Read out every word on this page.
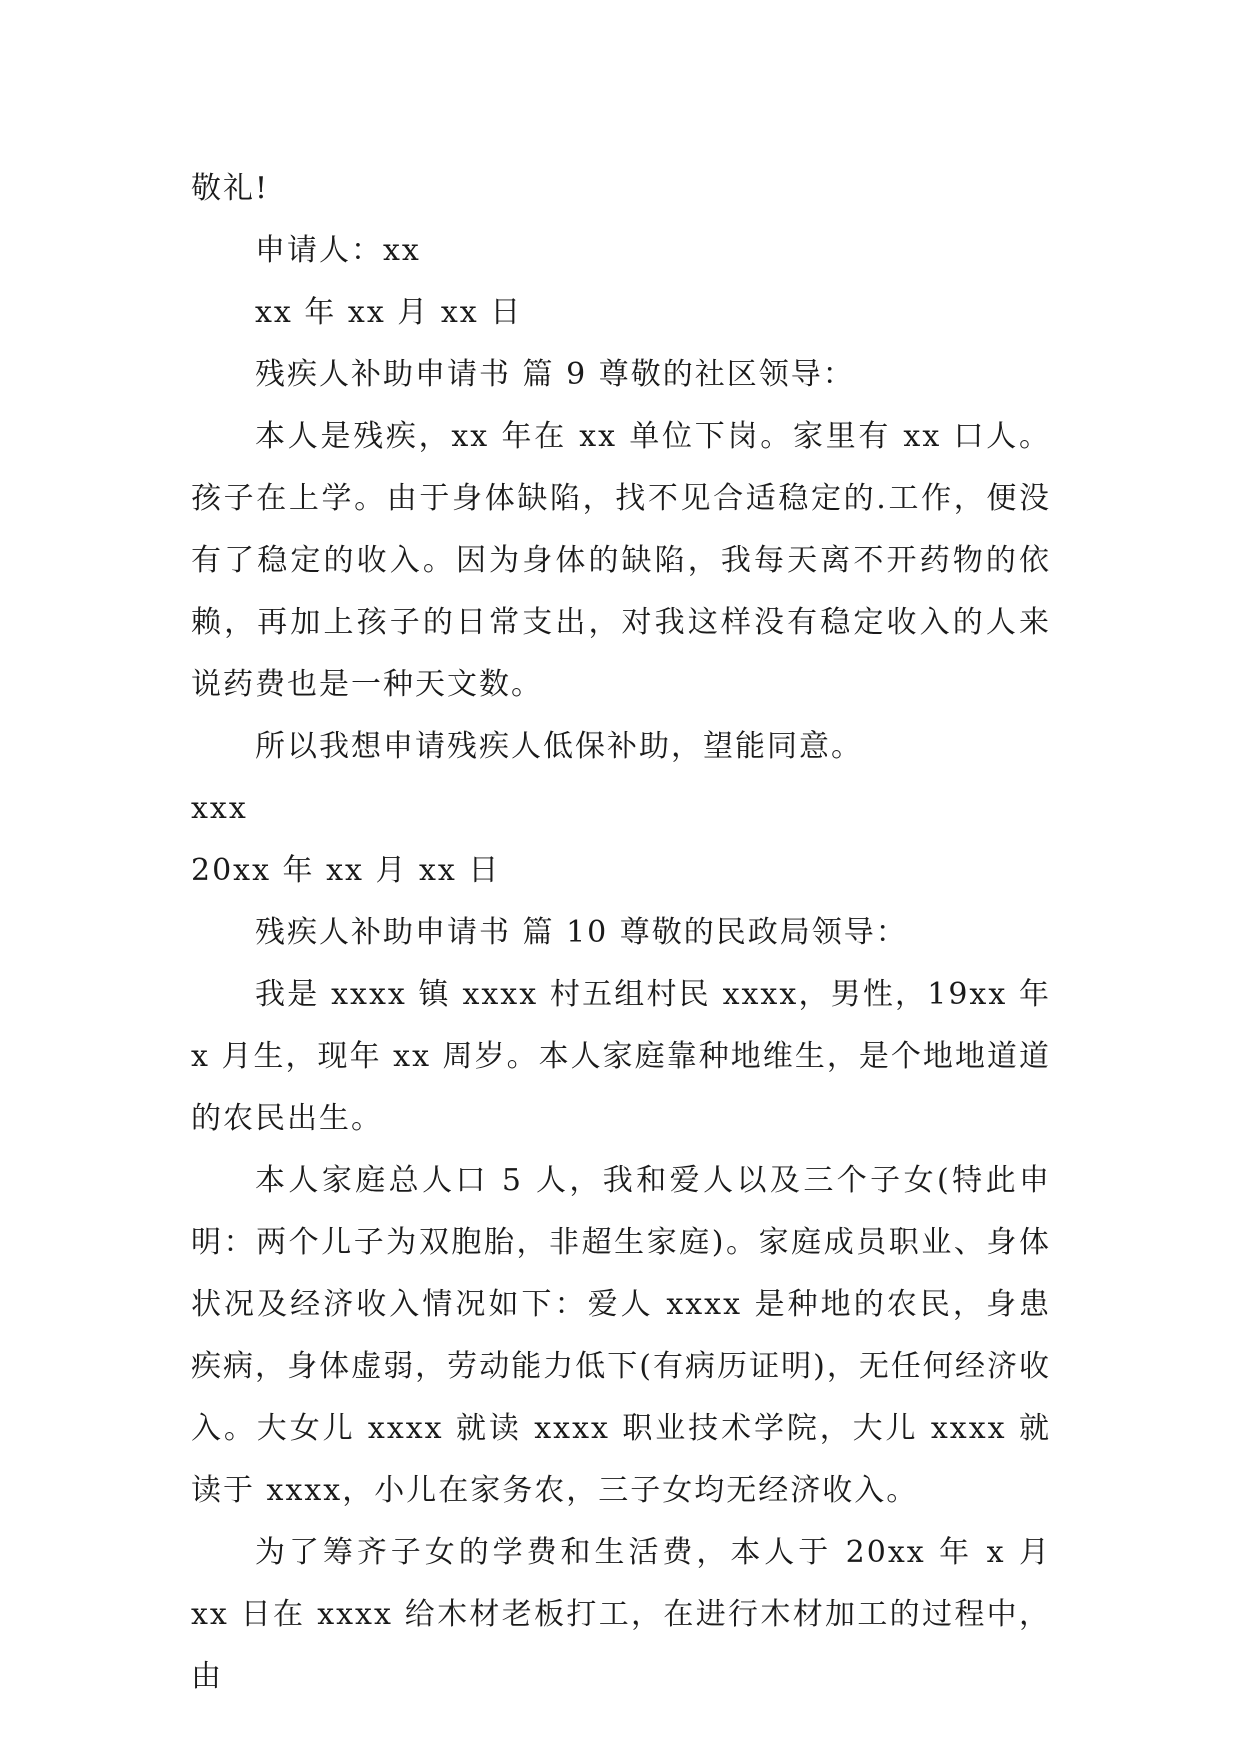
敬礼!

申请人：xx

xx 年 xx 月 xx 日

残疾人补助申请书 篇 9 尊敬的社区领导：

本人是残疾，xx 年在 xx 单位下岗。家里有 xx 口人。孩子在上学。由于身体缺陷，找不见合适稳定的.工作，便没有了稳定的收入。因为身体的缺陷，我每天离不开药物的依赖，再加上孩子的日常支出，对我这样没有稳定收入的人来说药费也是一种天文数。

所以我想申请残疾人低保补助，望能同意。

xxx

20xx 年 xx 月 xx 日

残疾人补助申请书 篇 10 尊敬的民政局领导：

我是 xxxx 镇 xxxx 村五组村民 xxxx，男性，19xx 年 x 月生，现年 xx 周岁。本人家庭靠种地维生，是个地地道道的农民出生。

本人家庭总人口 5 人，我和爱人以及三个子女(特此申明：两个儿子为双胞胎，非超生家庭)。家庭成员职业、身体状况及经济收入情况如下：爱人 xxxx 是种地的农民，身患疾病，身体虚弱，劳动能力低下(有病历证明)，无任何经济收入。大女儿 xxxx 就读 xxxx 职业技术学院，大儿 xxxx 就读于 xxxx，小儿在家务农，三子女均无经济收入。

为了筹齐子女的学费和生活费，本人于 20xx 年 x 月 xx 日在 xxxx 给木材老板打工，在进行木材加工的过程中，由
